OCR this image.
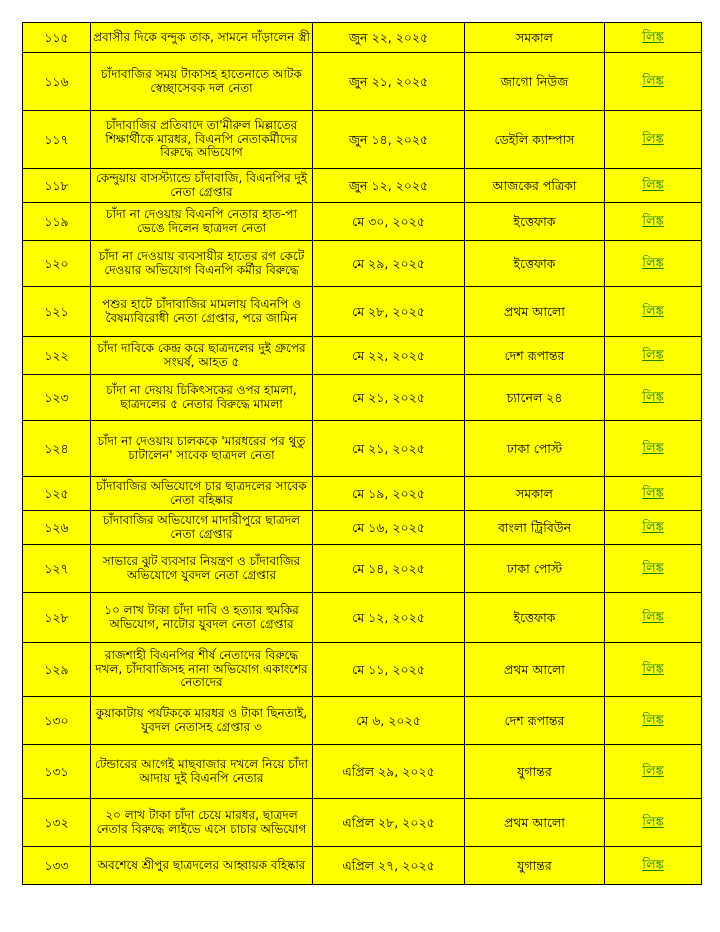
১১৫	প্রবাসীর দিকে বন্দুক তাক, সামনে দাঁড়ালেন স্ত্রী	জুন ২২, ২০২৫	সমকাল	লিঙ্ক
১১৬	চাঁদাবাজির সময় টাকাসহ হাতেনাতে আটক স্বেচ্ছাসেবক দল নেতা	জুন ২১, ২০২৫	জাগো নিউজ	লিঙ্ক
১১৭	চাঁদাবাজির প্রতিবাদে তা'মীরুল মিল্লাতের শিক্ষার্থীকে মারধর, বিএনপি নেতাকর্মীদের বিরুদ্ধে অভিযোগ	জুন ১৪, ২০২৫	ডেইলি ক্যাম্পাস	লিঙ্ক
১১৮	কেন্দুয়ায় বাসস্ট্যান্ডে চাঁদাবাজি, বিএনপির দুই নেতা গ্রেপ্তার	জুন ১২, ২০২৫	আজকের পত্রিকা	লিঙ্ক
১১৯	চাঁদা না দেওয়ায় বিএনপি নেতার হাত-পা ভেঙে দিলেন ছাত্রদল নেতা	মে ৩০, ২০২৫	ইত্তেফাক	লিঙ্ক
১২০	চাঁদা না দেওয়ায় ব্যবসায়ীর হাতের রগ কেটে দেওয়ার অভিযোগ বিএনপি কর্মীর বিরুদ্ধে	মে ২৯, ২০২৫	ইত্তেফাক	লিঙ্ক
১২১	পশুর হাটে চাঁদাবাজির মামলায় বিএনপি ও বৈষম্যবিরোধী নেতা গ্রেপ্তার, পরে জামিন	মে ২৮, ২০২৫	প্রথম আলো	লিঙ্ক
১২২	চাঁদা দাবিকে কেন্দ্র করে ছাত্রদলের দুই গ্রুপের সংঘর্ষ, আহত ৫	মে ২২, ২০২৫	দেশ রূপান্তর	লিঙ্ক
১২৩	চাঁদা না দেয়ায় চিকিৎসকের ওপর হামলা, ছাত্রদলের ৫ নেতার বিরুদ্ধে মামলা	মে ২১, ২০২৫	চ্যানেল ২৪	লিঙ্ক
১২৪	চাঁদা না দেওয়ায় চালককে 'মারধরের পর থুতু চাটালেন' সাবেক ছাত্রদল নেতা	মে ২১, ২০২৫	ঢাকা পোস্ট	লিঙ্ক
১২৫	চাঁদাবাজির অভিযোগে চার ছাত্রদলের সাবেক নেতা বহিষ্কার	মে ১৯, ২০২৫	সমকাল	লিঙ্ক
১২৬	চাঁদাবাজির অভিযোগে মাদারীপুরে ছাত্রদল নেতা গ্রেপ্তার	মে ১৬, ২০২৫	বাংলা ট্রিবিউন	লিঙ্ক
১২৭	সাভারে ঝুট ব্যবসার নিয়ন্ত্রণ ও চাঁদাবাজির অভিযোগে যুবদল নেতা গ্রেপ্তার	মে ১৪, ২০২৫	ঢাকা পোস্ট	লিঙ্ক
১২৮	১০ লাখ টাকা চাঁদা দাবি ও হত্যার হুমকির অভিযোগ, নাটোর যুবদল নেতা গ্রেপ্তার	মে ১২, ২০২৫	ইত্তেফাক	লিঙ্ক
১২৯	রাজশাহী বিএনপির শীর্ষ নেতাদের বিরুদ্ধে দখল, চাঁদাবাজিসহ নানা অভিযোগ একাংশের নেতাদের	মে ১১, ২০২৫	প্রথম আলো	লিঙ্ক
১৩০	কুয়াকাটায় পর্যটককে মারধর ও টাকা ছিনতাই, যুবদল নেতাসহ গ্রেপ্তার ৩	মে ৬, ২০২৫	দেশ রূপান্তর	লিঙ্ক
১৩১	টেন্ডারের আগেই মাছবাজার দখলে নিয়ে চাঁদা আদায় দুই বিএনপি নেতার	এপ্রিল ২৯, ২০২৫	যুগান্তর	লিঙ্ক
১৩২	২০ লাখ টাকা চাঁদা চেয়ে মারধর, ছাত্রদল নেতার বিরুদ্ধে লাইভে এসে চাচার অভিযোগ	এপ্রিল ২৮, ২০২৫	প্রথম আলো	লিঙ্ক
১৩৩	অবশেষে শ্রীপুর ছাত্রদলের আহ্বায়ক বহিষ্কার	এপ্রিল ২৭, ২০২৫	যুগান্তর	লিঙ্ক
